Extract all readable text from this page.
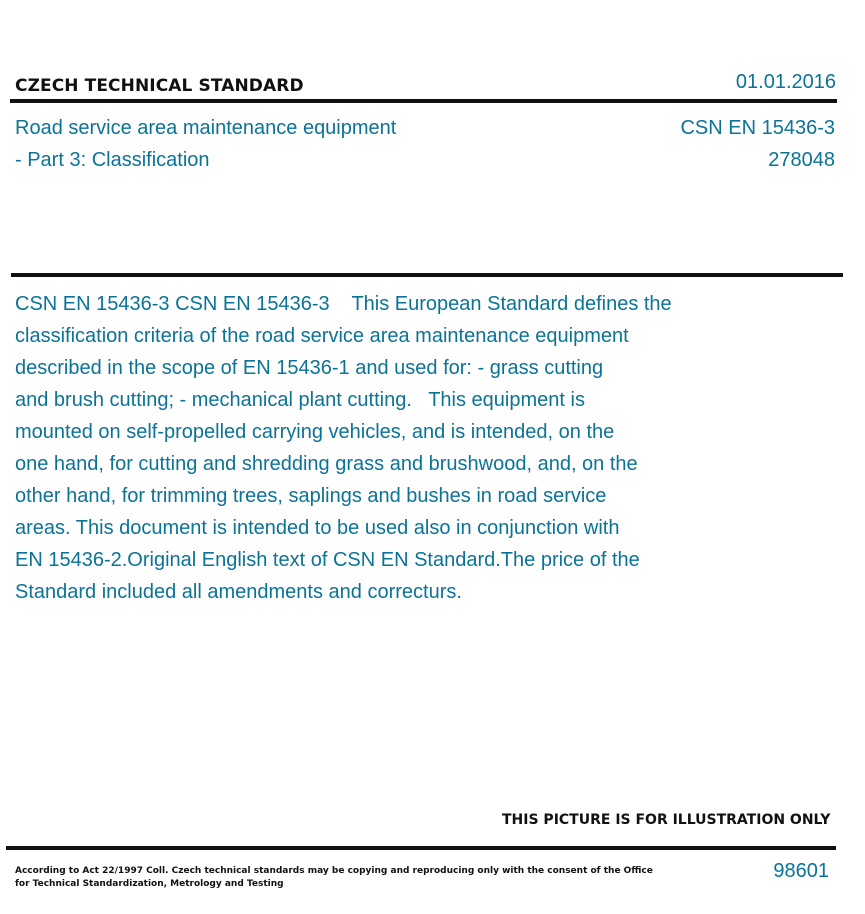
CZECH TECHNICAL STANDARD	01.01.2016
Road service area maintenance equipment
- Part 3: Classification
CSN EN 15436-3
278048
CSN EN 15436-3 CSN EN 15436-3    This European Standard defines the
classification criteria of the road service area maintenance equipment
described in the scope of EN 15436-1 and used for: - grass cutting
and brush cutting; - mechanical plant cutting.   This equipment is
mounted on self-propelled carrying vehicles, and is intended, on the
one hand, for cutting and shredding grass and brushwood, and, on the
other hand, for trimming trees, saplings and bushes in road service
areas. This document is intended to be used also in conjunction with
EN 15436-2.Original English text of CSN EN Standard.The price of the
Standard included all amendments and correcturs.
THIS PICTURE IS FOR ILLUSTRATION ONLY
According to Act 22/1997 Coll. Czech technical standards may be copying and reproducing only with the consent of the Office
for Technical Standardization, Metrology and Testing
98601
